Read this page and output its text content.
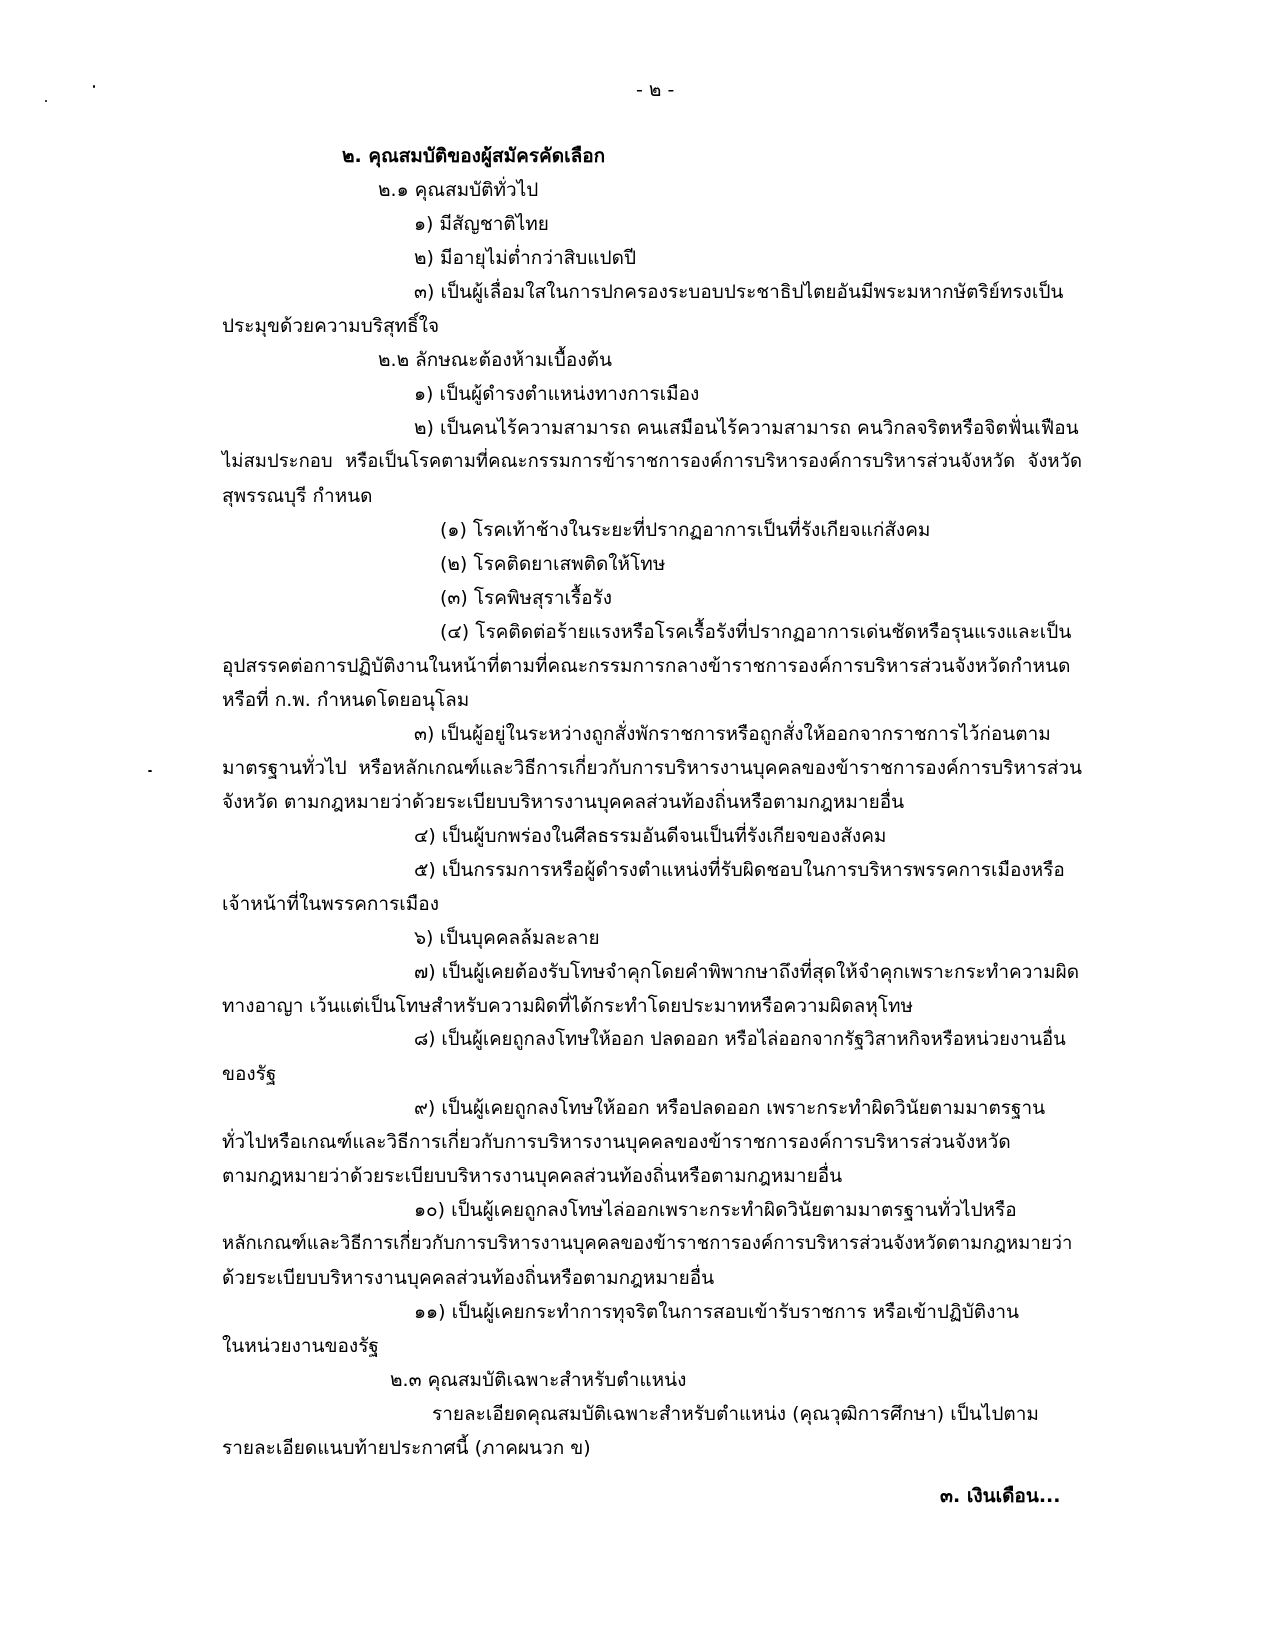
- ๒ -
๒. คุณสมบัติของผู้สมัครคัดเลือก
๒.๑ คุณสมบัติทั่วไป
๑) มีสัญชาติไทย
๒) มีอายุไม่ต่ำกว่าสิบแปดปี
๓) เป็นผู้เลื่อมใสในการปกครองระบอบประชาธิปไตยอันมีพระมหากษัตริย์ทรงเป็น
ประมุขด้วยความบริสุทธิ์ใจ
๒.๒ ลักษณะต้องห้ามเบื้องต้น
๑) เป็นผู้ดำรงตำแหน่งทางการเมือง
๒) เป็นคนไร้ความสามารถ คนเสมือนไร้ความสามารถ คนวิกลจริตหรือจิตฟั่นเฟือน
ไม่สมประกอบ หรือเป็นโรคตามที่คณะกรรมการข้าราชการองค์การบริหารองค์การบริหารส่วนจังหวัด จังหวัด
สุพรรณบุรี กำหนด
(๑) โรคเท้าช้างในระยะที่ปรากฏอาการเป็นที่รังเกียจแก่สังคม
(๒) โรคติดยาเสพติดให้โทษ
(๓) โรคพิษสุราเรื้อรัง
(๔) โรคติดต่อร้ายแรงหรือโรคเรื้อรังที่ปรากฏอาการเด่นชัดหรือรุนแรงและเป็น
อุปสรรคต่อการปฏิบัติงานในหน้าที่ตามที่คณะกรรมการกลางข้าราชการองค์การบริหารส่วนจังหวัดกำหนด
หรือที่ ก.พ. กำหนดโดยอนุโลม
๓) เป็นผู้อยู่ในระหว่างถูกสั่งพักราชการหรือถูกสั่งให้ออกจากราชการไว้ก่อนตาม
มาตรฐานทั่วไป หรือหลักเกณฑ์และวิธีการเกี่ยวกับการบริหารงานบุคคลของข้าราชการองค์การบริหารส่วน
จังหวัด ตามกฎหมายว่าด้วยระเบียบบริหารงานบุคคลส่วนท้องถิ่นหรือตามกฎหมายอื่น
๔) เป็นผู้บกพร่องในศีลธรรมอันดีจนเป็นที่รังเกียจของสังคม
๕) เป็นกรรมการหรือผู้ดำรงตำแหน่งที่รับผิดชอบในการบริหารพรรคการเมืองหรือ
เจ้าหน้าที่ในพรรคการเมือง
๖) เป็นบุคคลล้มละลาย
๗) เป็นผู้เคยต้องรับโทษจำคุกโดยคำพิพากษาถึงที่สุดให้จำคุกเพราะกระทำความผิด
ทางอาญา เว้นแต่เป็นโทษสำหรับความผิดที่ได้กระทำโดยประมาทหรือความผิดลหุโทษ
๘) เป็นผู้เคยถูกลงโทษให้ออก ปลดออก หรือไล่ออกจากรัฐวิสาหกิจหรือหน่วยงานอื่น
ของรัฐ
๙) เป็นผู้เคยถูกลงโทษให้ออก หรือปลดออก เพราะกระทำผิดวินัยตามมาตรฐาน
ทั่วไปหรือเกณฑ์และวิธีการเกี่ยวกับการบริหารงานบุคคลของข้าราชการองค์การบริหารส่วนจังหวัด
ตามกฎหมายว่าด้วยระเบียบบริหารงานบุคคลส่วนท้องถิ่นหรือตามกฎหมายอื่น
๑๐) เป็นผู้เคยถูกลงโทษไล่ออกเพราะกระทำผิดวินัยตามมาตรฐานทั่วไปหรือ
หลักเกณฑ์และวิธีการเกี่ยวกับการบริหารงานบุคคลของข้าราชการองค์การบริหารส่วนจังหวัดตามกฎหมายว่า
ด้วยระเบียบบริหารงานบุคคลส่วนท้องถิ่นหรือตามกฎหมายอื่น
๑๑) เป็นผู้เคยกระทำการทุจริตในการสอบเข้ารับราชการ หรือเข้าปฏิบัติงาน
ในหน่วยงานของรัฐ
๒.๓ คุณสมบัติเฉพาะสำหรับตำแหน่ง
รายละเอียดคุณสมบัติเฉพาะสำหรับตำแหน่ง (คุณวุฒิการศึกษา) เป็นไปตาม
รายละเอียดแนบท้ายประกาศนี้ (ภาคผนวก ข)
๓. เงินเดือน...
